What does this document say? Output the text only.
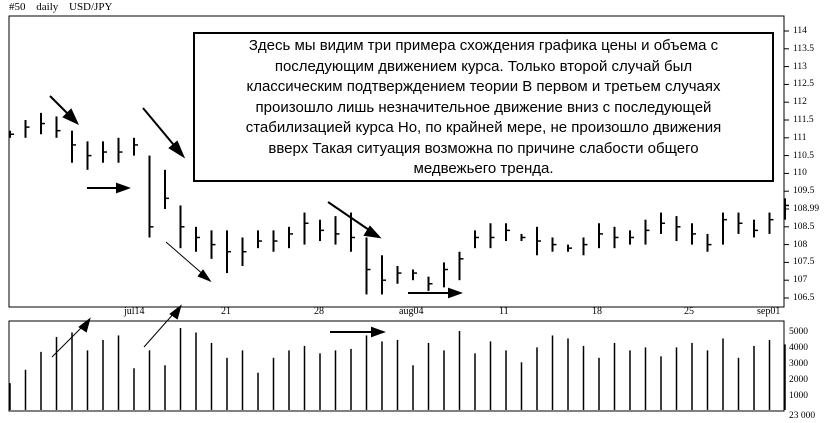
#50 daily USD/JPY
114
113.5
113
112.5
112
111.5
111
110.5
110
109.5
108.99
108.5
108
107.5
107
106.5
5000
4000
3000
2000
1000
23 000
jul14	21	28	aug04	11	18	25	sep01
Здесь мы видим три примера схождения графика цены и объема с
последующим движением курса. Только второй случай был
классическим подтверждением теории В первом и третьем случаях
произошло лишь незначительное движение вниз с последующей
стабилизацией курса Но, по крайней мере, не произошло движения
вверх Такая ситуация возможна по причине слабости общего
медвежьего тренда.
